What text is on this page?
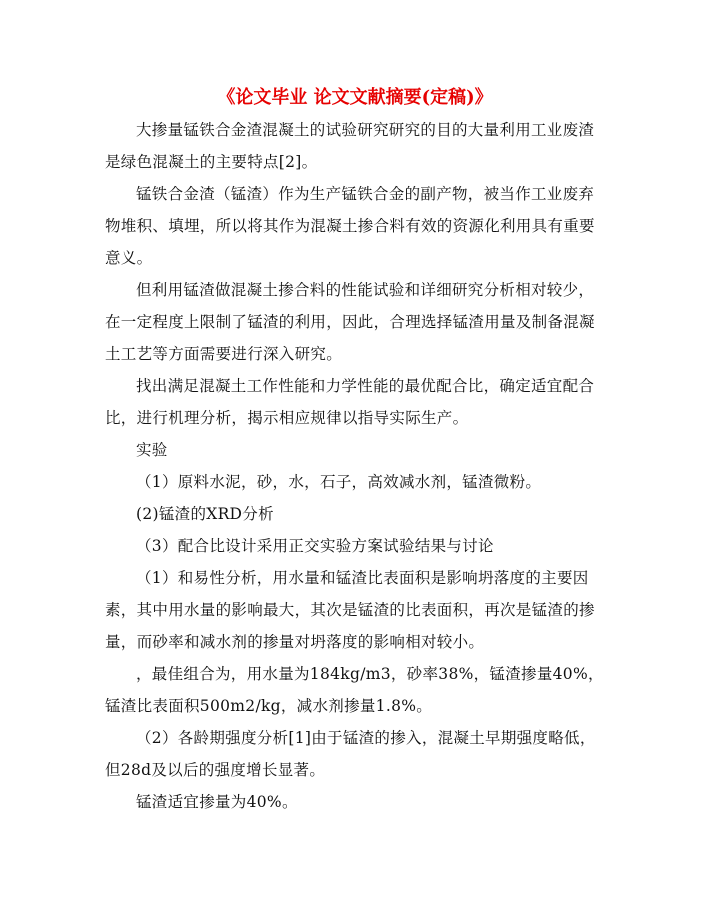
《论文毕业 论文文献摘要(定稿)》

大掺量锰铁合金渣混凝土的试验研究研究的目的大量利用工业废渣是绿色混凝土的主要特点[2]。

锰铁合金渣（锰渣）作为生产锰铁合金的副产物，被当作工业废弃物堆积、填埋，所以将其作为混凝土掺合料有效的资源化利用具有重要意义。

但利用锰渣做混凝土掺合料的性能试验和详细研究分析相对较少，在一定程度上限制了锰渣的利用，因此，合理选择锰渣用量及制备混凝土工艺等方面需要进行深入研究。

找出满足混凝土工作性能和力学性能的最优配合比，确定适宜配合比，进行机理分析，揭示相应规律以指导实际生产。

实验

（1）原料水泥，砂，水，石子，高效减水剂，锰渣微粉。

(2)锰渣的XRD分析

（3）配合比设计采用正交实验方案试验结果与讨论

（1）和易性分析，用水量和锰渣比表面积是影响坍落度的主要因素，其中用水量的影响最大，其次是锰渣的比表面积，再次是锰渣的掺量，而砂率和减水剂的掺量对坍落度的影响相对较小。

，最佳组合为，用水量为184kg/m3，砂率38%，锰渣掺量40%，锰渣比表面积500m2/kg，减水剂掺量1.8%。

（2）各龄期强度分析[1]由于锰渣的掺入，混凝土早期强度略低，但28d及以后的强度增长显著。

锰渣适宜掺量为40%。
